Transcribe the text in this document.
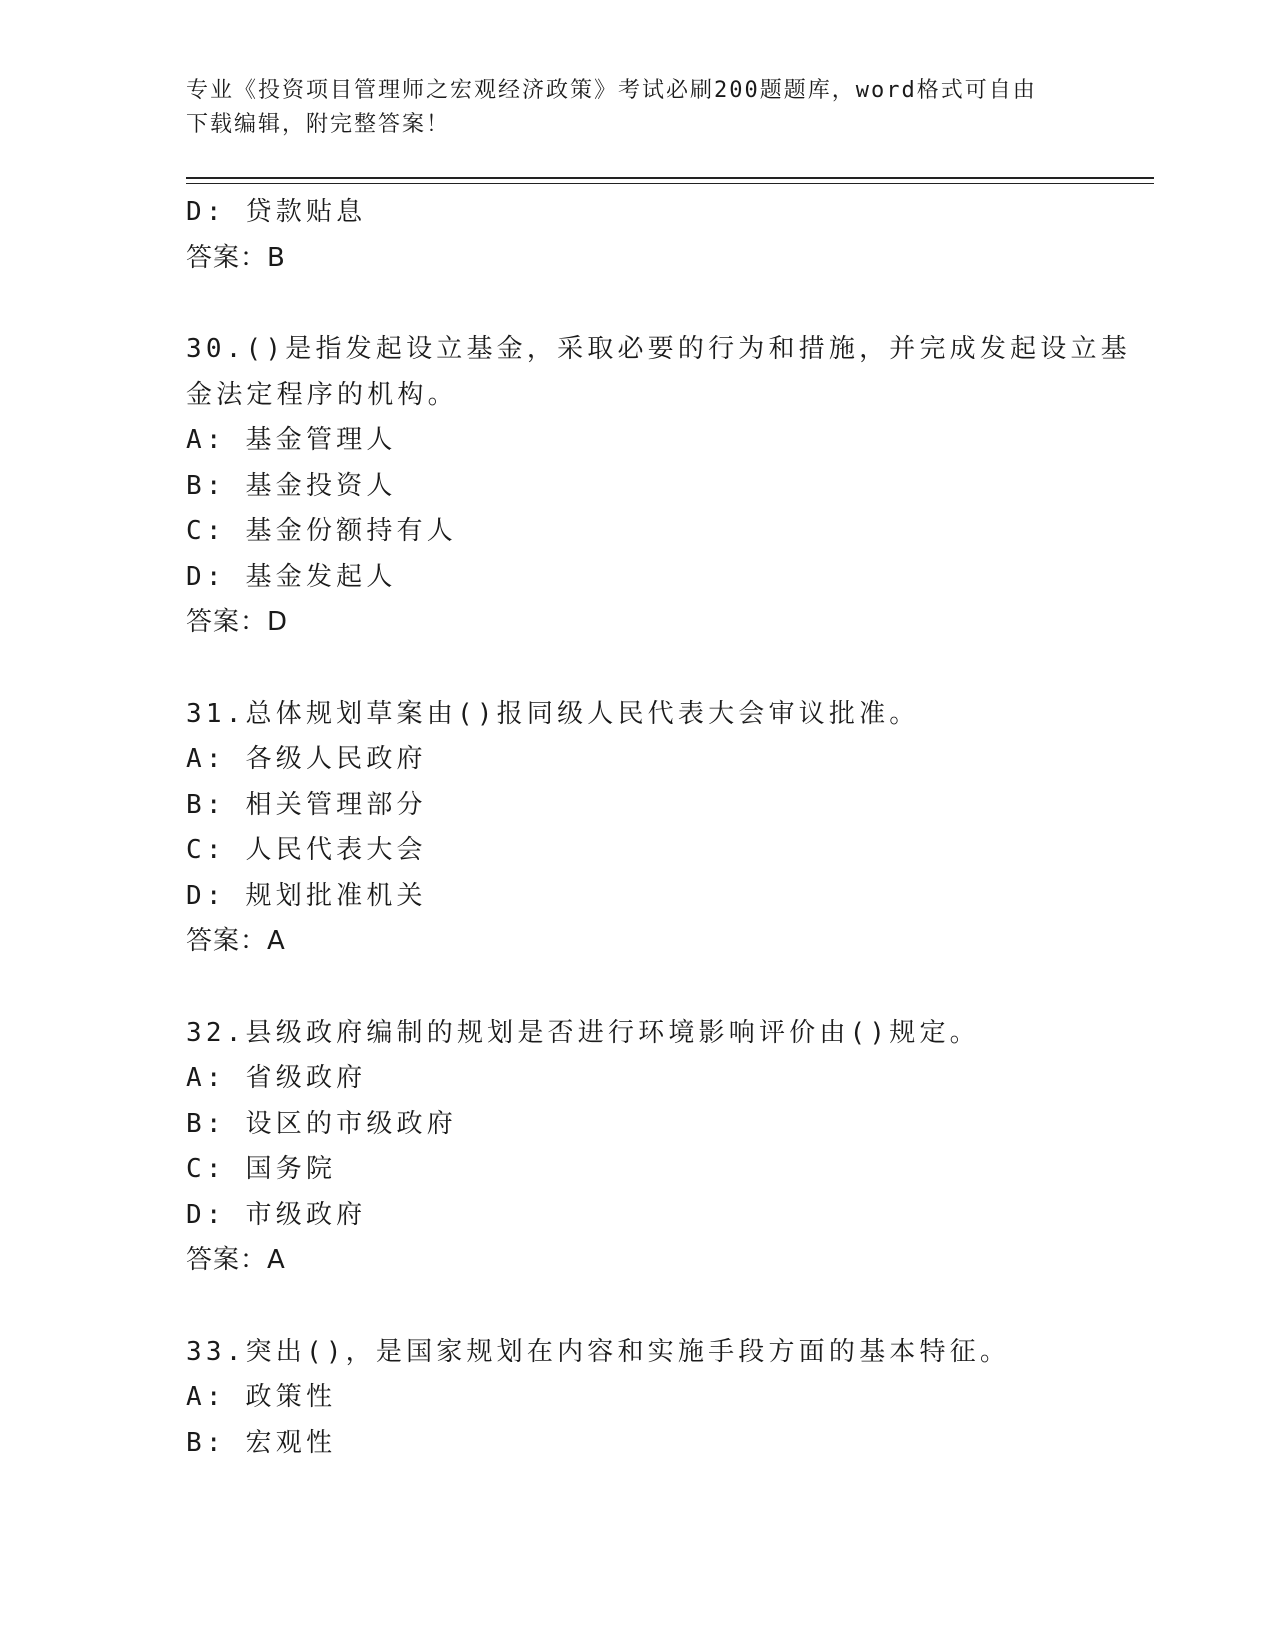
专业《投资项目管理师之宏观经济政策》考试必刷200题题库，word格式可自由
下载编辑，附完整答案！
D: 贷款贴息
答案：B
30.()是指发起设立基金，采取必要的行为和措施，并完成发起设立基
金法定程序的机构。
A: 基金管理人
B: 基金投资人
C: 基金份额持有人
D: 基金发起人
答案：D
31.总体规划草案由()报同级人民代表大会审议批准。
A: 各级人民政府
B: 相关管理部分
C: 人民代表大会
D: 规划批准机关
答案：A
32.县级政府编制的规划是否进行环境影响评价由()规定。
A: 省级政府
B: 设区的市级政府
C: 国务院
D: 市级政府
答案：A
33.突出()，是国家规划在内容和实施手段方面的基本特征。
A: 政策性
B: 宏观性
